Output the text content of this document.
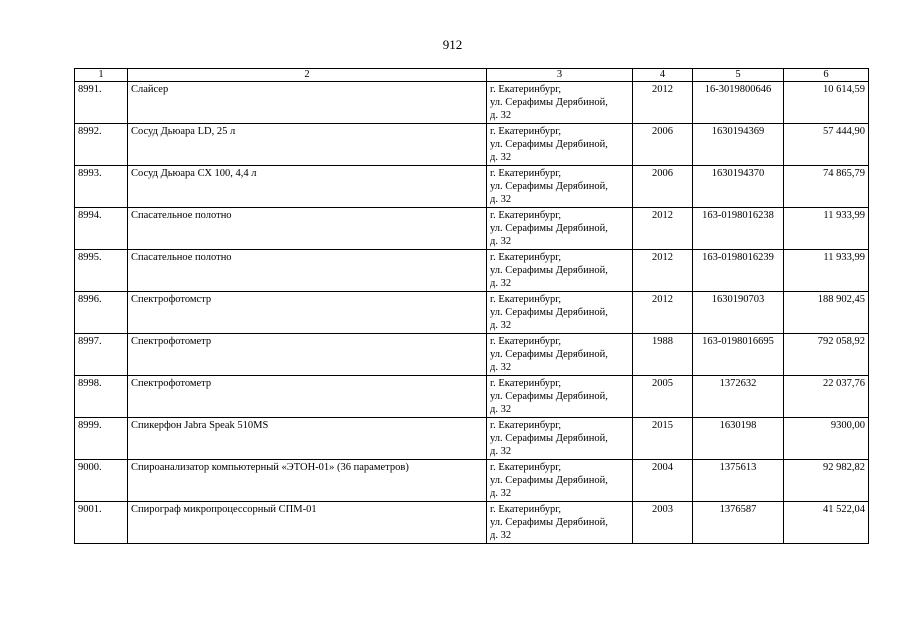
912
1	2	3	4	5	6
8991.	Слайсер	г. Екатеринбург,
ул. Серафимы Дерябиной,
д. 32	2012	16-3019800646	10 614,59
8992.	Сосуд Дьюара LD, 25 л	г. Екатеринбург,
ул. Серафимы Дерябиной,
д. 32	2006	1630194369	57 444,90
8993.	Сосуд Дьюара СХ 100, 4,4 л	г. Екатеринбург,
ул. Серафимы Дерябиной,
д. 32	2006	1630194370	74 865,79
8994.	Спасательное полотно	г. Екатеринбург,
ул. Серафимы Дерябиной,
д. 32	2012	163-0198016238	11 933,99
8995.	Спасательное полотно	г. Екатеринбург,
ул. Серафимы Дерябиной,
д. 32	2012	163-0198016239	11 933,99
8996.	Спектрофотомстр	г. Екатеринбург,
ул. Серафимы Дерябиной,
д. 32	2012	1630190703	188 902,45
8997.	Спектрофотометр	г. Екатеринбург,
ул. Серафимы Дерябиной,
д. 32	1988	163-0198016695	792 058,92
8998.	Спектрофотометр	г. Екатеринбург,
ул. Серафимы Дерябиной,
д. 32	2005	1372632	22 037,76
8999.	Спикерфон Jabra Speak 510MS	г. Екатеринбург,
ул. Серафимы Дерябиной,
д. 32	2015	1630198	9300,00
9000.	Спироанализатор компьютерный «ЭТОН-01» (36 параметров)	г. Екатеринбург,
ул. Серафимы Дерябиной,
д. 32	2004	1375613	92 982,82
9001.	Спирограф микропроцессорный СПМ-01	г. Екатеринбург,
ул. Серафимы Дерябиной,
д. 32	2003	1376587	41 522,04
